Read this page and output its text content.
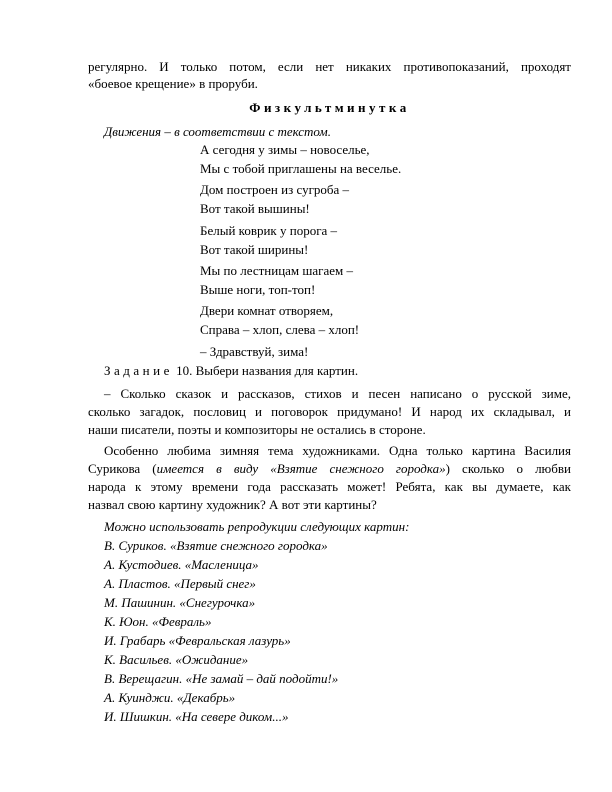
регулярно. И только потом, если нет никаких противопоказаний, проходят
«боевое крещение» в проруби.
Физкультминутка
Движения – в соответствии с текстом.
А сегодня у зимы – новоселье,
Мы с тобой приглашены на веселье.
Дом построен из сугроба –
Вот такой вышины!
Белый коврик у порога –
Вот такой ширины!
Мы по лестницам шагаем –
Выше ноги, топ-топ!
Двери комнат отворяем,
Справа – хлоп, слева – хлоп!
– Здравствуй, зима!
Задание 10. Выбери названия для картин.
– Сколько сказок и рассказов, стихов и песен написано о русской зиме,
сколько загадок, пословиц и поговорок придумано! И народ их складывал, и
наши писатели, поэты и композиторы не остались в стороне.
Особенно любима зимняя тема художниками. Одна только картина Василия
Сурикова (имеется в виду «Взятие снежного городка») сколько о любви
народа к этому времени года рассказать может! Ребята, как вы думаете, как
назвал свою картину художник? А вот эти картины?
Можно использовать репродукции следующих картин:
В. Суриков. «Взятие снежного городка»
А. Кустодиев. «Масленица»
А. Пластов. «Первый снег»
М. Пашинин. «Снегурочка»
К. Юон. «Февраль»
И. Грабарь «Февральская лазурь»
К. Васильев. «Ожидание»
В. Верещагин. «Не замай – дай подойти!»
А. Куинджи. «Декабрь»
И. Шишкин. «На севере диком...»
